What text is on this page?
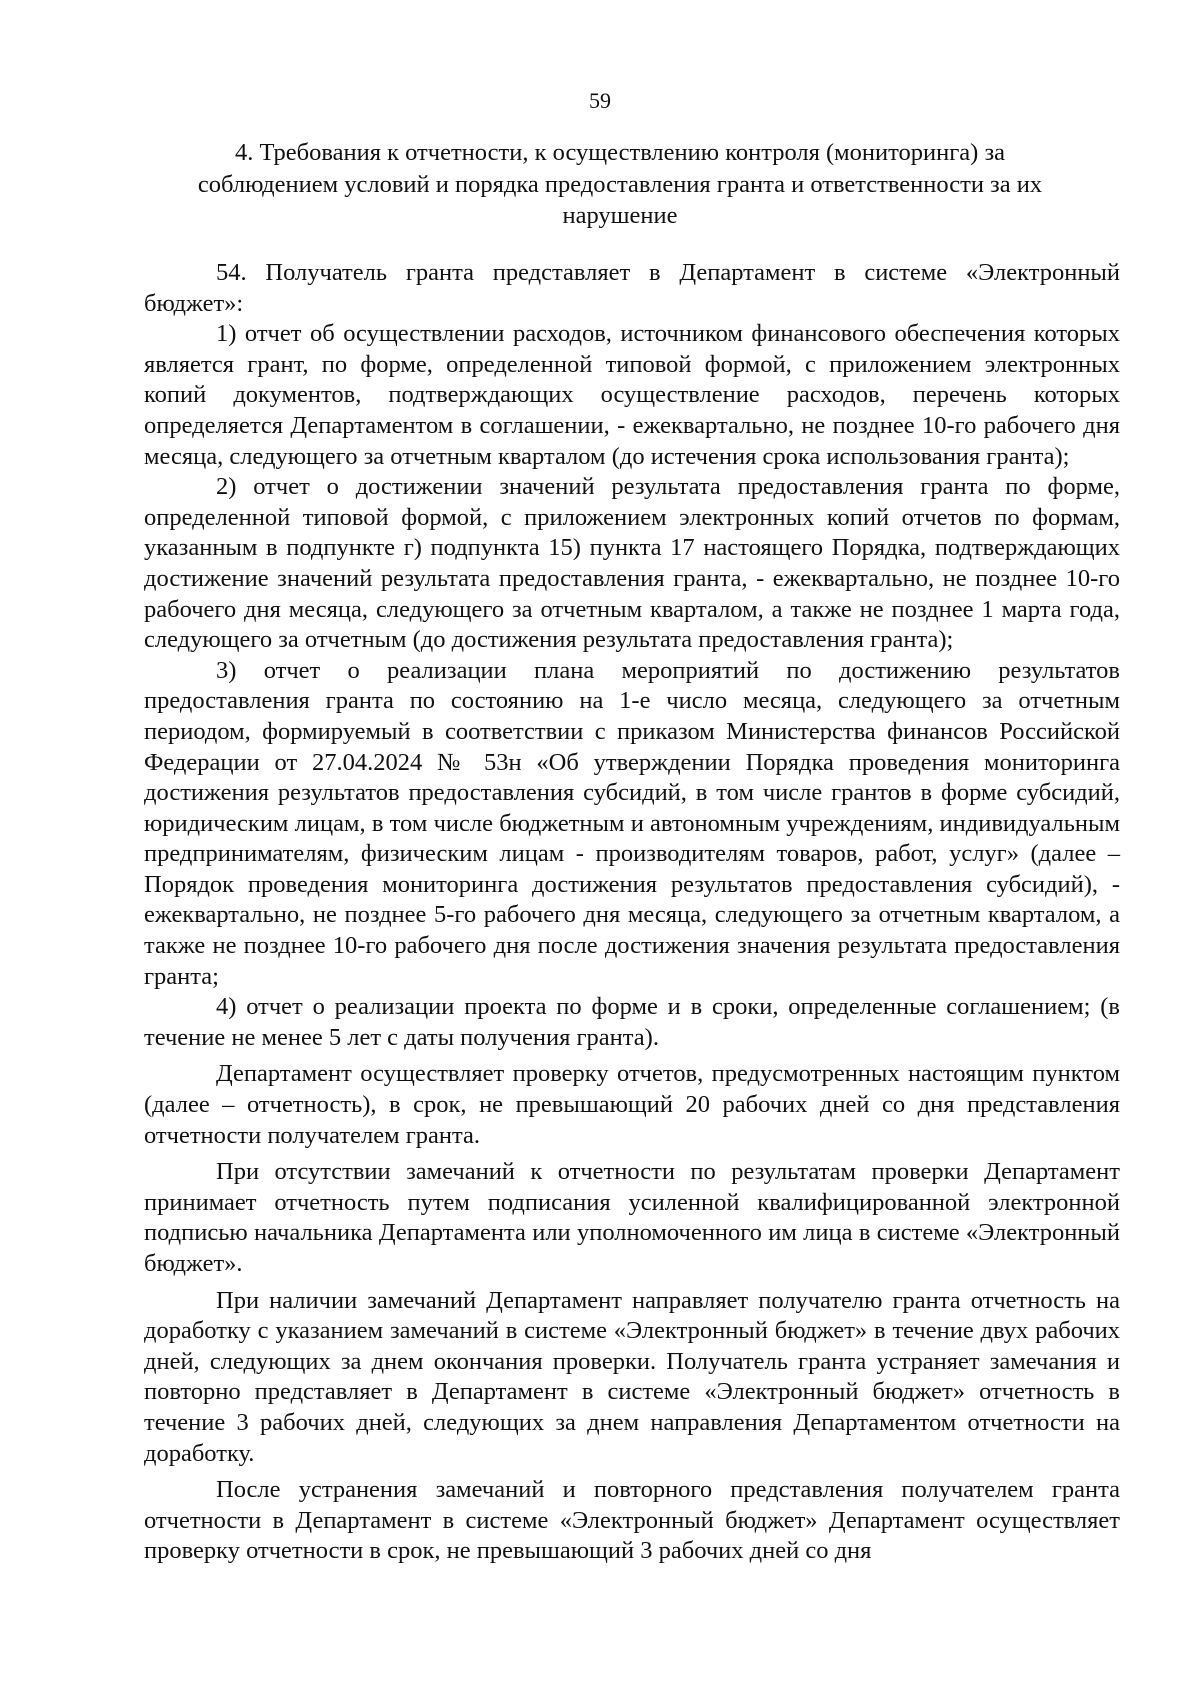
59
4. Требования к отчетности, к осуществлению контроля (мониторинга) за соблюдением условий и порядка предоставления гранта и ответственности за их нарушение

54. Получатель гранта представляет в Департамент в системе «Электронный бюджет»:

1) отчет об осуществлении расходов, источником финансового обеспечения которых является грант, по форме, определенной типовой формой, с приложением электронных копий документов, подтверждающих осуществление расходов, перечень которых определяется Департаментом в соглашении, - ежеквартально, не позднее 10-го рабочего дня месяца, следующего за отчетным кварталом (до истечения срока использования гранта);

2) отчет о достижении значений результата предоставления гранта по форме, определенной типовой формой, с приложением электронных копий отчетов по формам, указанным в подпункте г) подпункта 15) пункта 17 настоящего Порядка, подтверждающих достижение значений результата предоставления гранта, - ежеквартально, не позднее 10-го рабочего дня месяца, следующего за отчетным кварталом, а также не позднее 1 марта года, следующего за отчетным (до достижения результата предоставления гранта);

3) отчет о реализации плана мероприятий по достижению результатов предоставления гранта по состоянию на 1-е число месяца, следующего за отчетным периодом, формируемый в соответствии с приказом Министерства финансов Российской Федерации от 27.04.2024 № 53н «Об утверждении Порядка проведения мониторинга достижения результатов предоставления субсидий, в том числе грантов в форме субсидий, юридическим лицам, в том числе бюджетным и автономным учреждениям, индивидуальным предпринимателям, физическим лицам - производителям товаров, работ, услуг» (далее – Порядок проведения мониторинга достижения результатов предоставления субсидий), - ежеквартально, не позднее 5-го рабочего дня месяца, следующего за отчетным кварталом, а также не позднее 10-го рабочего дня после достижения значения результата предоставления гранта;

4) отчет о реализации проекта по форме и в сроки, определенные соглашением; (в течение не менее 5 лет с даты получения гранта).

Департамент осуществляет проверку отчетов, предусмотренных настоящим пунктом (далее – отчетность), в срок, не превышающий 20 рабочих дней со дня представления отчетности получателем гранта.

При отсутствии замечаний к отчетности по результатам проверки Департамент принимает отчетность путем подписания усиленной квалифицированной электронной подписью начальника Департамента или уполномоченного им лица в системе «Электронный бюджет».

При наличии замечаний Департамент направляет получателю гранта отчетность на доработку с указанием замечаний в системе «Электронный бюджет» в течение двух рабочих дней, следующих за днем окончания проверки. Получатель гранта устраняет замечания и повторно представляет в Департамент в системе «Электронный бюджет» отчетность в течение 3 рабочих дней, следующих за днем направления Департаментом отчетности на доработку.

После устранения замечаний и повторного представления получателем гранта отчетности в Департамент в системе «Электронный бюджет» Департамент осуществляет проверку отчетности в срок, не превышающий 3 рабочих дней со дня
